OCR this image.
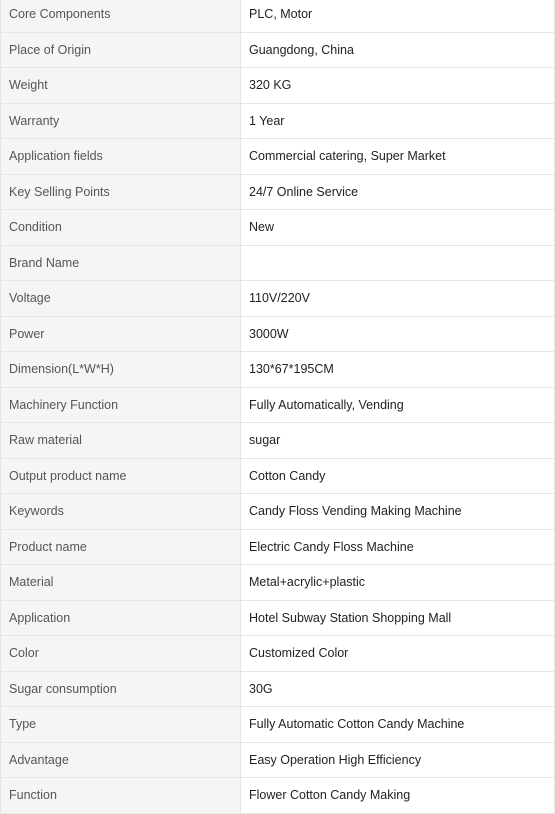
Core Components	PLC, Motor
Place of Origin	Guangdong, China
Weight	320 KG
Warranty	1 Year
Application fields	Commercial catering, Super Market
Key Selling Points	24/7 Online Service
Condition	New
Brand Name	
Voltage	110V/220V
Power	3000W
Dimension(L*W*H)	130*67*195CM
Machinery Function	Fully Automatically, Vending
Raw material	sugar
Output product name	Cotton Candy
Keywords	Candy Floss Vending Making Machine
Product name	Electric Candy Floss Machine
Material	Metal+acrylic+plastic
Application	Hotel Subway Station Shopping Mall
Color	Customized Color
Sugar consumption	30G
Type	Fully Automatic Cotton Candy Machine
Advantage	Easy Operation High Efficiency
Function	Flower Cotton Candy Making
